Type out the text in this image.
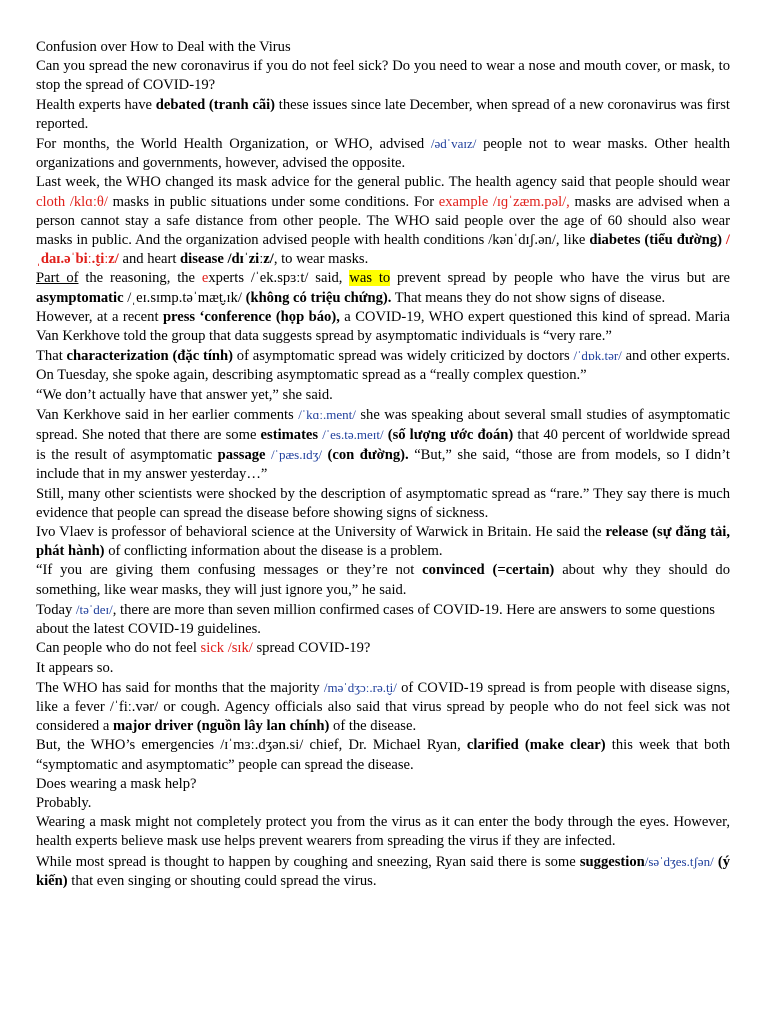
Confusion over How to Deal with the Virus

Can you spread the new coronavirus if you do not feel sick? Do you need to wear a nose and mouth cover, or mask, to stop the spread of COVID-19?

Health experts have debated (tranh cãi) these issues since late December, when spread of a new coronavirus was first reported.

For months, the World Health Organization, or WHO, advised /ədˈvaɪz/ people not to wear masks. Other health organizations and governments, however, advised the opposite.

Last week, the WHO changed its mask advice for the general public. The health agency said that people should wear cloth /klɑːθ/ masks in public situations under some conditions. For example /ɪɡˈzæm.pəl/, masks are advised when a person cannot stay a safe distance from other people. The WHO said people over the age of 60 should also wear masks in public. And the organization advised people with health conditions /kənˈdɪʃ.ən/, like diabetes (tiểu đường) /ˌdaɪ.əˈbiː.t̬iːz/ and heart disease /dɪˈziːz/, to wear masks.

Part of the reasoning, the experts /ˈek.spɜːt/ said, was to prevent spread by people who have the virus but are asymptomatic /ˌeɪ.sɪmp.təˈmæt̬.ɪk/ (không có triệu chứng). That means they do not show signs of disease.

However, at a recent press ‘conference (họp báo), a COVID-19, WHO expert questioned this kind of spread. Maria Van Kerkhove told the group that data suggests spread by asymptomatic individuals is “very rare.”

That characterization (đặc tính) of asymptomatic spread was widely criticized by doctors /ˈdɒk.tər/ and other experts. On Tuesday, she spoke again, describing asymptomatic spread as a “really complex question.”

“We don’t actually have that answer yet,” she said.

Van Kerkhove said in her earlier comments /ˈkɑː.ment/ she was speaking about several small studies of asymptomatic spread. She noted that there are some estimates /ˈes.tə.meɪt/ (số lượng ước đoán) that 40 percent of worldwide spread is the result of asymptomatic passage /ˈpæs.ɪdʒ/ (con đường). “But,” she said, “those are from models, so I didn’t include that in my answer yesterday…”

Still, many other scientists were shocked by the description of asymptomatic spread as “rare.” They say there is much evidence that people can spread the disease before showing signs of sickness.

Ivo Vlaev is professor of behavioral science at the University of Warwick in Britain. He said the release (sự đăng tải, phát hành) of conflicting information about the disease is a problem.

“If you are giving them confusing messages or they’re not convinced (=certain) about why they should do something, like wear masks, they will just ignore you,” he said.

Today /təˈdeɪ/, there are more than seven million confirmed cases of COVID-19. Here are answers to some questions about the latest COVID-19 guidelines.

Can people who do not feel sick /sɪk/ spread COVID-19?

It appears so.

The WHO has said for months that the majority /məˈdʒɔː.rə.t̬i/ of COVID-19 spread is from people with disease signs, like a fever /ˈfiː.vər/ or cough. Agency officials also said that virus spread by people who do not feel sick was not considered a major driver (nguồn lây lan chính) of the disease.

But, the WHO’s emergencies /ɪˈmɜː.dʒən.si/ chief, Dr. Michael Ryan, clarified (make clear) this week that both “symptomatic and asymptomatic” people can spread the disease.

Does wearing a mask help?

Probably.

Wearing a mask might not completely protect you from the virus as it can enter the body through the eyes. However, health experts believe mask use helps prevent wearers from spreading the virus if they are infected.

While most spread is thought to happen by coughing and sneezing, Ryan said there is some suggestion/səˈdʒes.tʃən/ (ý kiến) that even singing or shouting could spread the virus.
